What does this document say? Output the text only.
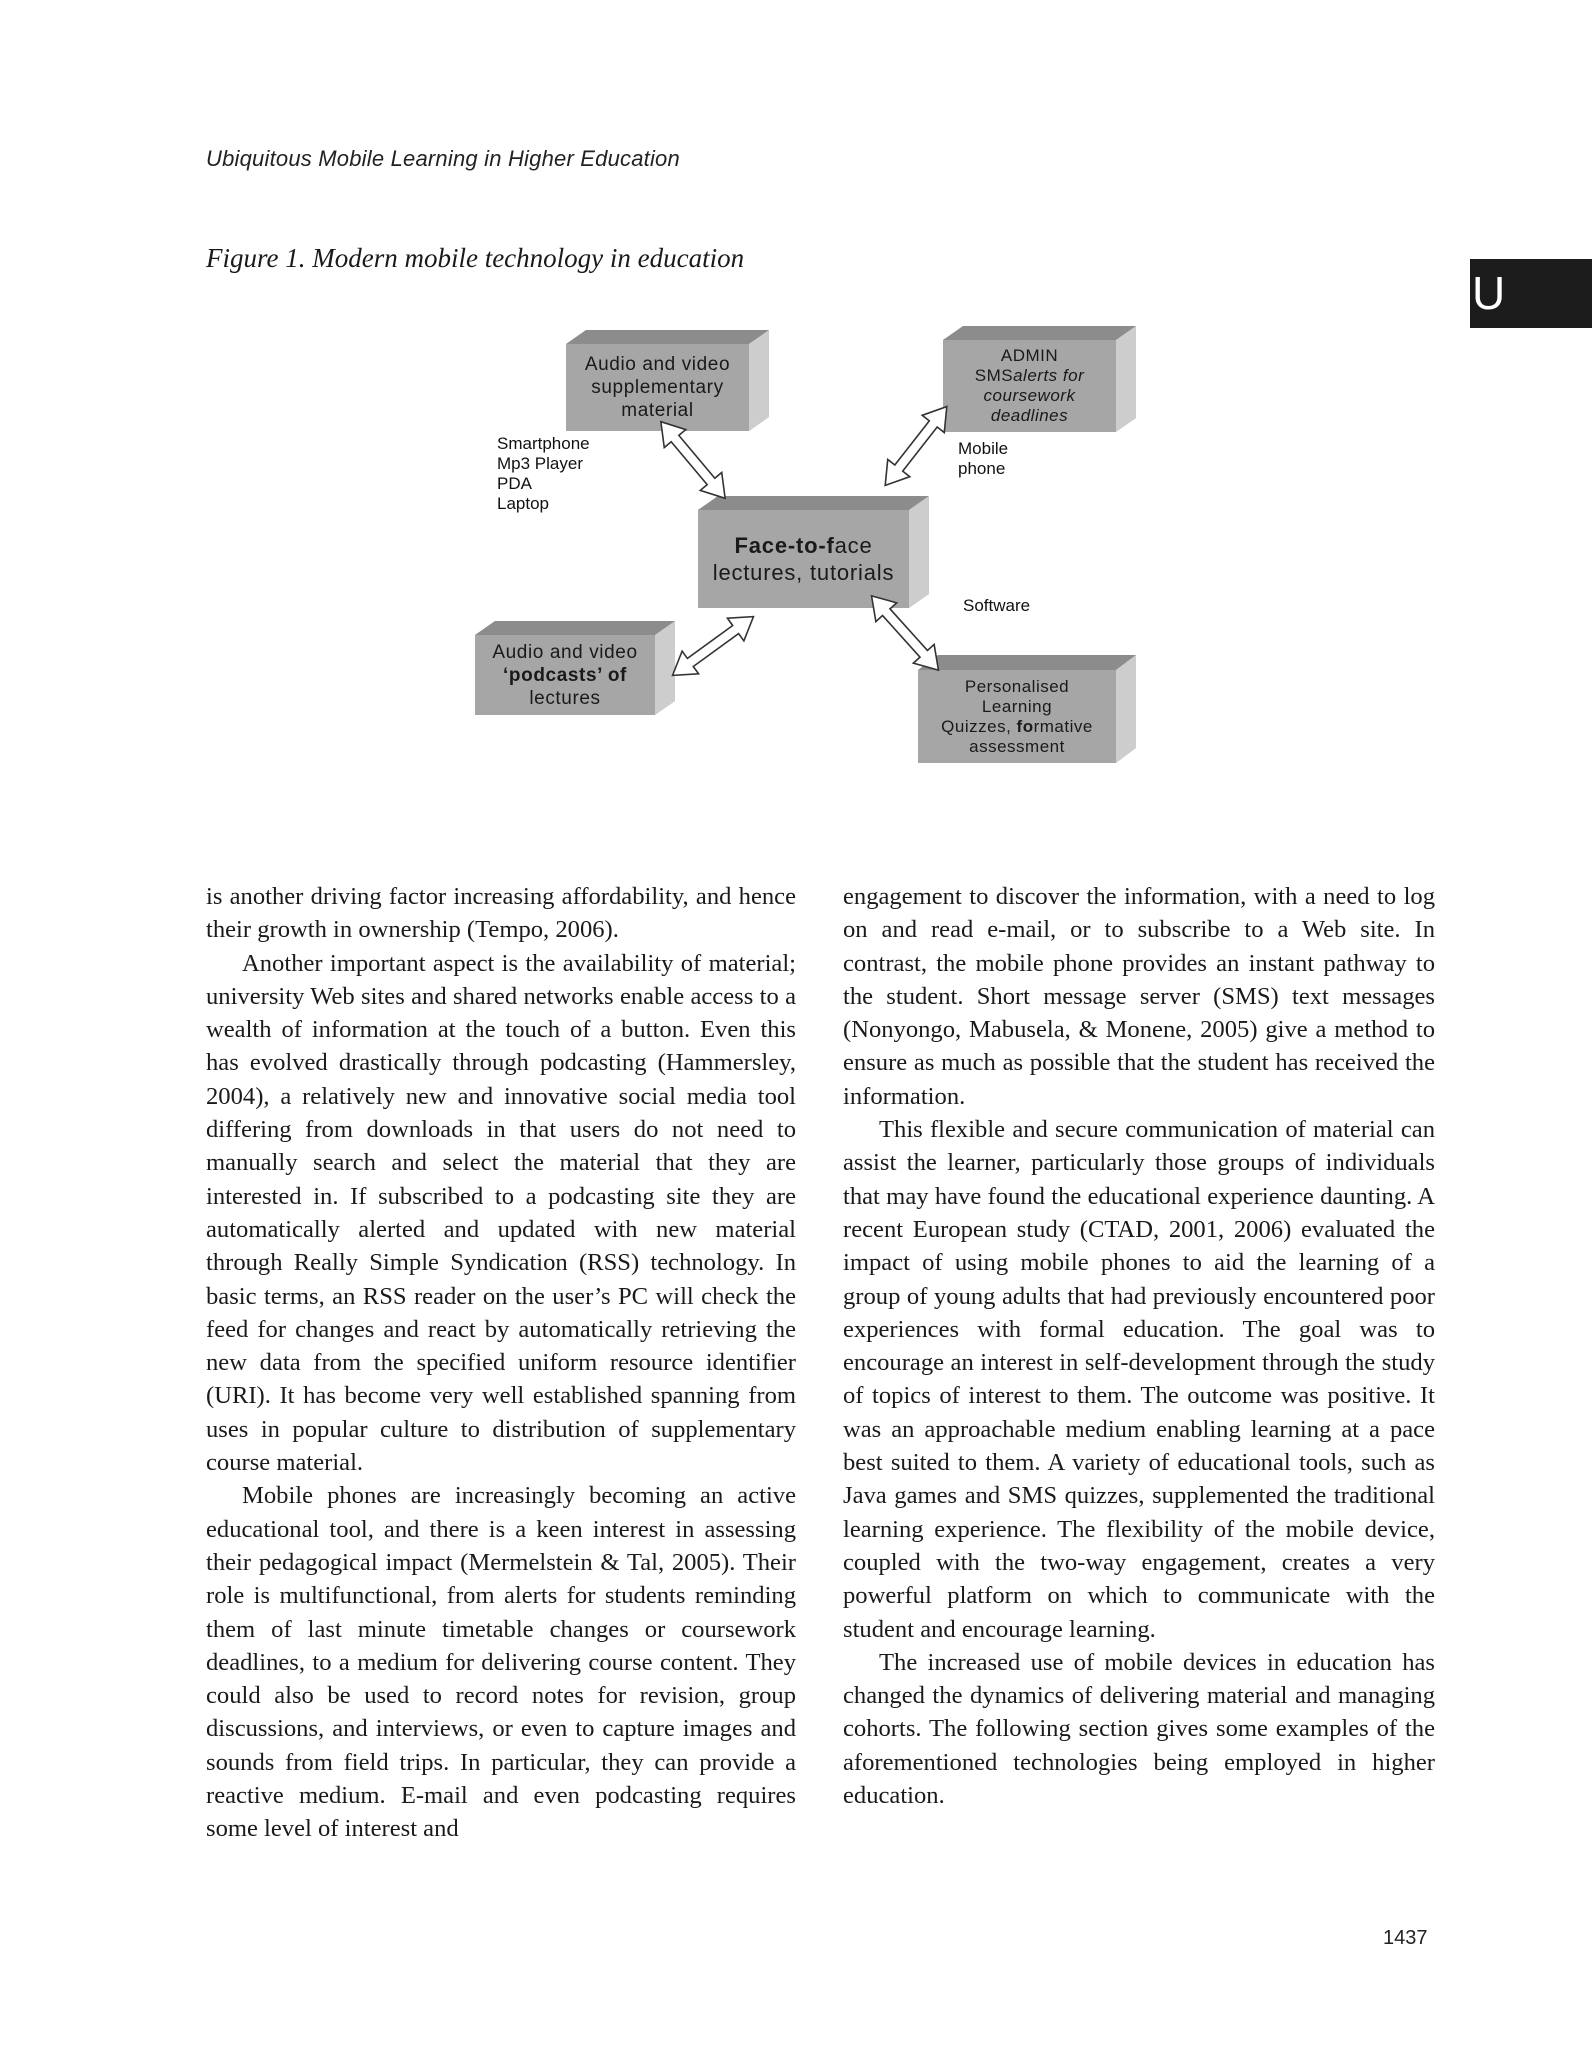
Ubiquitous Mobile Learning in Higher Education
U
Figure 1. Modern mobile technology in education
Audio and video
supplementary
material
ADMIN
SMSalerts for
coursework
deadlines
Face-to-face
lectures, tutorials
Audio and video
‘podcasts’ of
lectures
Personalised
Learning
Quizzes, formative
assessment
Smartphone
Mp3 Player
PDA
Laptop
Mobile
phone
Software

is another driving factor increasing affordability, and hence their growth in ownership (Tempo, 2006).

Another important aspect is the availability of material; university Web sites and shared networks enable access to a wealth of information at the touch of a button. Even this has evolved drastically through podcasting (Hammersley, 2004), a relatively new and innovative social media tool differing from downloads in that users do not need to manually search and select the material that they are interested in. If subscribed to a podcasting site they are automatically alerted and updated with new material through Really Simple Syndication (RSS) technology. In basic terms, an RSS reader on the user’s PC will check the feed for changes and react by automatically retrieving the new data from the specified uniform resource identifier (URI). It has become very well established spanning from uses in popular culture to distribution of supplementary course material.

Mobile phones are increasingly becoming an active educational tool, and there is a keen interest in assessing their pedagogical impact (Mermelstein & Tal, 2005). Their role is multifunctional, from alerts for students reminding them of last minute timetable changes or coursework deadlines, to a medium for delivering course content. They could also be used to record notes for revision, group discussions, and interviews, or even to capture images and sounds from field trips. In particular, they can provide a reactive medium. E-mail and even podcasting requires some level of interest and

engagement to discover the information, with a need to log on and read e-mail, or to subscribe to a Web site. In contrast, the mobile phone provides an instant pathway to the student. Short message server (SMS) text messages (Nonyongo, Mabusela, & Monene, 2005) give a method to ensure as much as possible that the student has received the information.

This flexible and secure communication of material can assist the learner, particularly those groups of individuals that may have found the educational experience daunting. A recent European study (CTAD, 2001, 2006) evaluated the impact of using mobile phones to aid the learning of a group of young adults that had previously encountered poor experiences with formal education. The goal was to encourage an interest in self-development through the study of topics of interest to them. The outcome was positive. It was an approachable medium enabling learning at a pace best suited to them. A variety of educational tools, such as Java games and SMS quizzes, supplemented the traditional learning experience. The flexibility of the mobile device, coupled with the two-way engagement, creates a very powerful platform on which to communicate with the student and encourage learning.

The increased use of mobile devices in education has changed the dynamics of delivering material and managing cohorts. The following section gives some examples of the aforementioned technologies being employed in higher education.

1437
